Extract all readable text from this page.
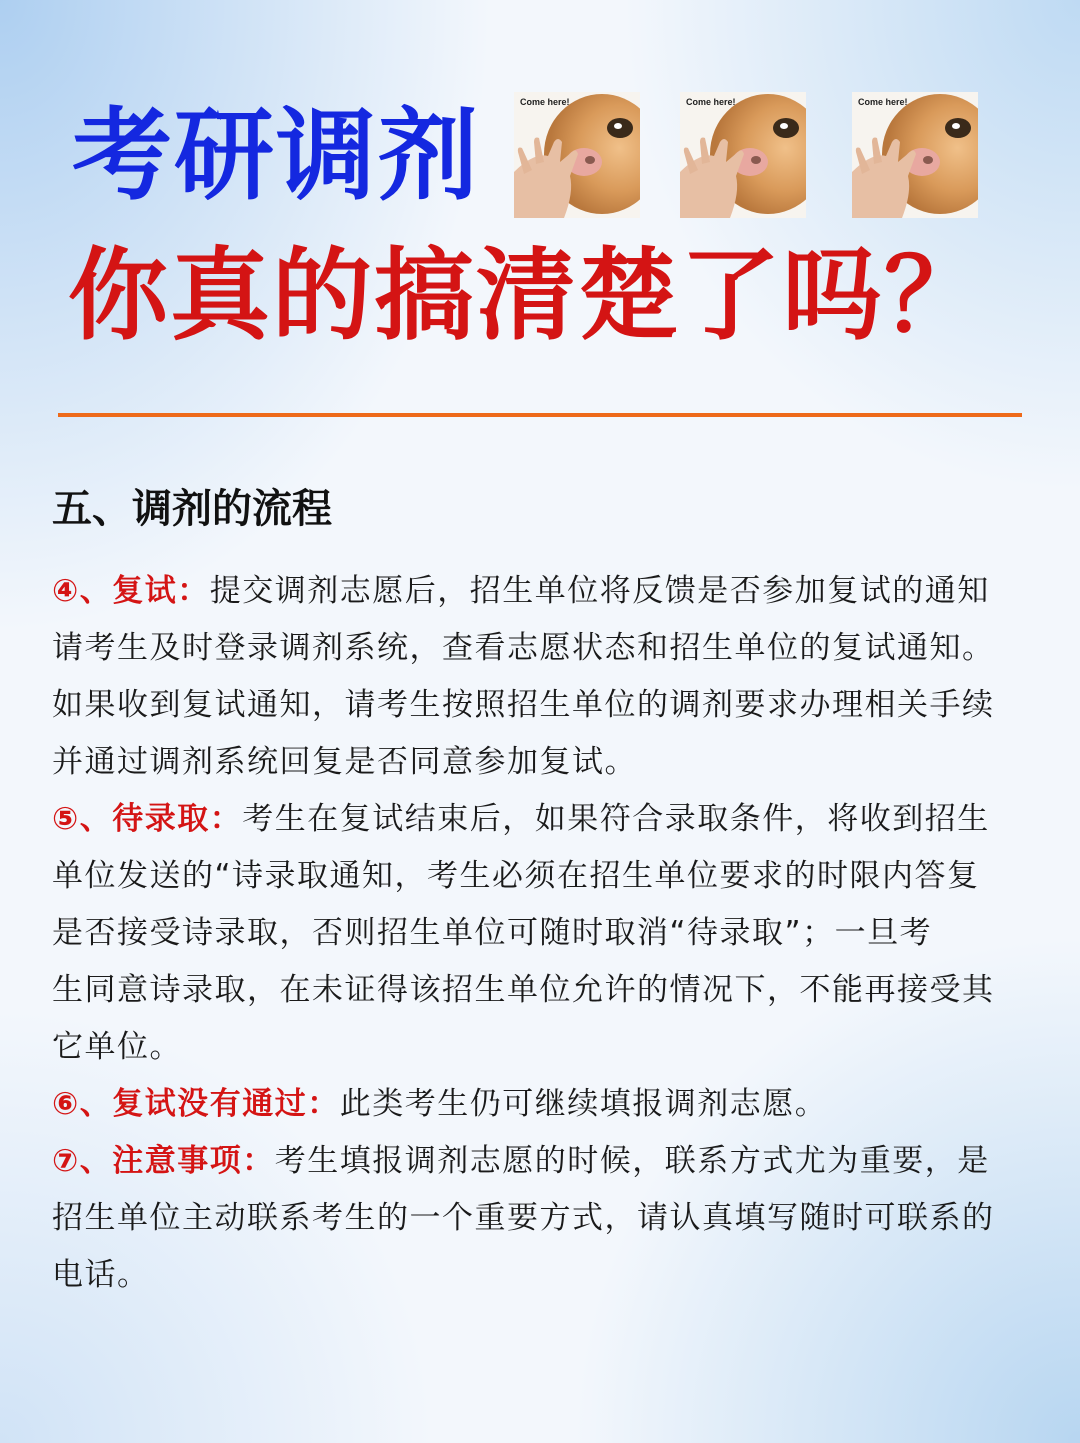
考研调剂	Come here!	Come here!	Come here!
你真的搞清楚了吗？
五、调剂的流程
④、复试：提交调剂志愿后，招生单位将反馈是否参加复试的通知
请考生及时登录调剂系统，查看志愿状态和招生单位的复试通知。
如果收到复试通知，请考生按照招生单位的调剂要求办理相关手续
并通过调剂系统回复是否同意参加复试。
⑤、待录取：考生在复试结束后，如果符合录取条件，将收到招生
单位发送的“诗录取通知，考生必须在招生单位要求的时限内答复
是否接受诗录取，否则招生单位可随时取消“待录取”；一旦考
生同意诗录取，在未证得该招生单位允许的情况下，不能再接受其
它单位。
⑥、复试没有通过：此类考生仍可继续填报调剂志愿。
⑦、注意事项：考生填报调剂志愿的时候，联系方式尤为重要，是
招生单位主动联系考生的一个重要方式，请认真填写随时可联系的
电话。
